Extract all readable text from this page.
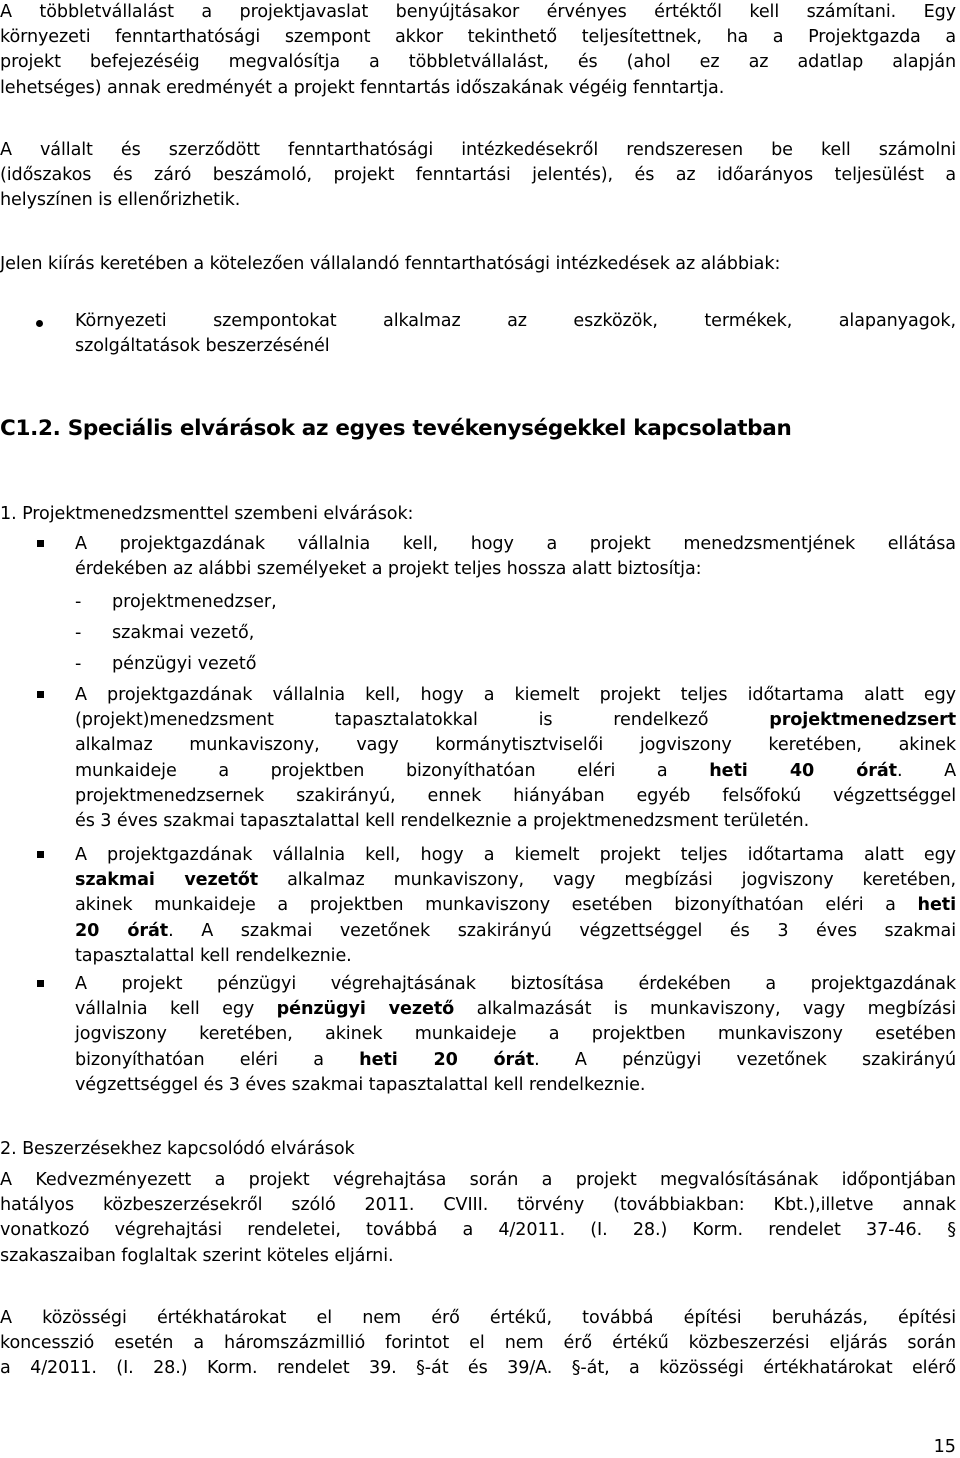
A többletvállalást a projektjavaslat benyújtásakor érvényes értéktől kell számítani. Egy
környezeti fenntarthatósági szempont akkor tekinthető teljesítettnek, ha a Projektgazda a
projekt befejezéséig megvalósítja a többletvállalást, és (ahol ez az adatlap alapján
lehetséges) annak eredményét a projekt fenntartás időszakának végéig fenntartja.
A vállalt és szerződött fenntarthatósági intézkedésekről rendszeresen be kell számolni
(időszakos és záró beszámoló, projekt fenntartási jelentés), és az időarányos teljesülést a
helyszínen is ellenőrizhetik.
Jelen kiírás keretében a kötelezően vállalandó fenntarthatósági intézkedések az alábbiak:
Környezeti szempontokat alkalmaz az eszközök, termékek, alapanyagok,
szolgáltatások beszerzésénél
C1.2. Speciális elvárások az egyes tevékenységekkel kapcsolatban
1. Projektmenedzsmenttel szembeni elvárások:
A projektgazdának vállalnia kell, hogy a projekt menedzsmentjének ellátása
érdekében az alábbi személyeket a projekt teljes hossza alatt biztosítja:
- projektmenedzser,
- szakmai vezető,
- pénzügyi vezető
A projektgazdának vállalnia kell, hogy a kiemelt projekt teljes időtartama alatt egy
(projekt)menedzsment tapasztalatokkal is rendelkező	projektmenedzsert
alkalmaz munkaviszony, vagy kormánytisztviselői jogviszony keretében, akinek
munkaideje a projektben bizonyíthatóan eléri a heti 40 órát. A
projektmenedzsernek szakirányú, ennek hiányában egyéb felsőfokú végzettséggel
és 3 éves szakmai tapasztalattal kell rendelkeznie a projektmenedzsment területén.
A projektgazdának vállalnia kell, hogy a kiemelt projekt teljes időtartama alatt egy
szakmai vezetőt alkalmaz munkaviszony, vagy megbízási jogviszony keretében,
akinek munkaideje a projektben munkaviszony esetében bizonyíthatóan eléri a heti
20 órát. A szakmai vezetőnek szakirányú végzettséggel és 3 éves szakmai
tapasztalattal kell rendelkeznie.
A projekt pénzügyi végrehajtásának biztosítása érdekében a projektgazdának
vállalnia kell egy pénzügyi vezető alkalmazását is munkaviszony, vagy megbízási
jogviszony keretében, akinek munkaideje a projektben munkaviszony esetében
bizonyíthatóan eléri a heti 20 órát. A pénzügyi vezetőnek szakirányú
végzettséggel és 3 éves szakmai tapasztalattal kell rendelkeznie.
2. Beszerzésekhez kapcsolódó elvárások
A Kedvezményezett a projekt végrehajtása során a projekt megvalósításának időpontjában
hatályos közbeszerzésekről szóló 2011. CVIII. törvény (továbbiakban: Kbt.),illetve annak
vonatkozó végrehajtási rendeletei, továbbá a 4/2011. (I. 28.) Korm. rendelet 37-46. §
szakaszaiban foglaltak szerint köteles eljárni.
A közösségi értékhatárokat el nem érő értékű, továbbá építési beruházás, építési
koncesszió esetén a háromszázmillió forintot el nem érő értékű közbeszerzési eljárás során
a 4/2011. (I. 28.) Korm. rendelet 39. §-át és 39/A. §-át, a közösségi értékhatárokat elérő
15
